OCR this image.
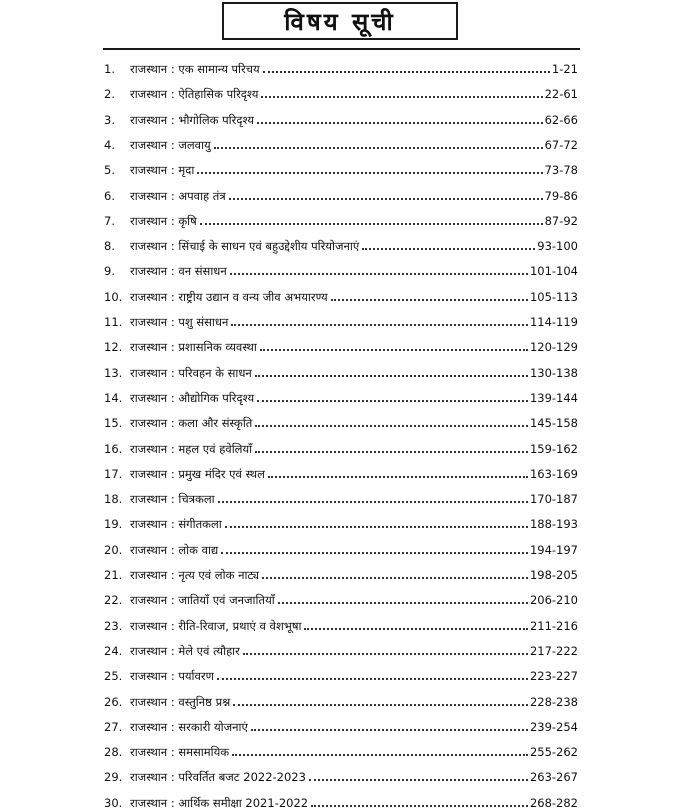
विषय सूची
1.	राजस्थान : एक सामान्य परिचय	1-21
2.	राजस्थान : ऐतिहासिक परिदृश्य	22-61
3.	राजस्थान : भौगोलिक परिदृश्य	62-66
4.	राजस्थान : जलवायु	67-72
5.	राजस्थान : मृदा	73-78
6.	राजस्थान : अपवाह तंत्र	79-86
7.	राजस्थान : कृषि	87-92
8.	राजस्थान : सिंचाई के साधन एवं बहुउद्देशीय परियोजनाएं	93-100
9.	राजस्थान : वन संसाधन	101-104
10. राजस्थान : राष्ट्रीय उद्यान व वन्य जीव अभयारण्य	105-113
11. राजस्थान : पशु संसाधन	114-119
12. राजस्थान : प्रशासनिक व्यवस्था	120-129
13. राजस्थान : परिवहन के साधन	130-138
14. राजस्थान : औद्योगिक परिदृश्य	139-144
15. राजस्थान : कला और संस्कृति	145-158
16. राजस्थान : महल एवं हवेलियाँ	159-162
17. राजस्थान : प्रमुख मंदिर एवं स्थल	163-169
18. राजस्थान : चित्रकला	170-187
19. राजस्थान : संगीतकला	188-193
20. राजस्थान : लोक वाद्य	194-197
21. राजस्थान : नृत्य एवं लोक नाट्य	198-205
22. राजस्थान : जातियाँ एवं जनजातियाँ	206-210
23. राजस्थान : रीति-रिवाज, प्रथाएं व वेशभूषा	211-216
24. राजस्थान : मेले एवं त्यौहार	217-222
25. राजस्थान : पर्यावरण	223-227
26. राजस्थान : वस्तुनिष्ठ प्रश्न	228-238
27. राजस्थान : सरकारी योजनाएं	239-254
28. राजस्थान : समसामयिक	255-262
29. राजस्थान : परिवर्तित बजट 2022-2023	263-267
30. राजस्थान : आर्थिक समीक्षा 2021-2022	268-282
